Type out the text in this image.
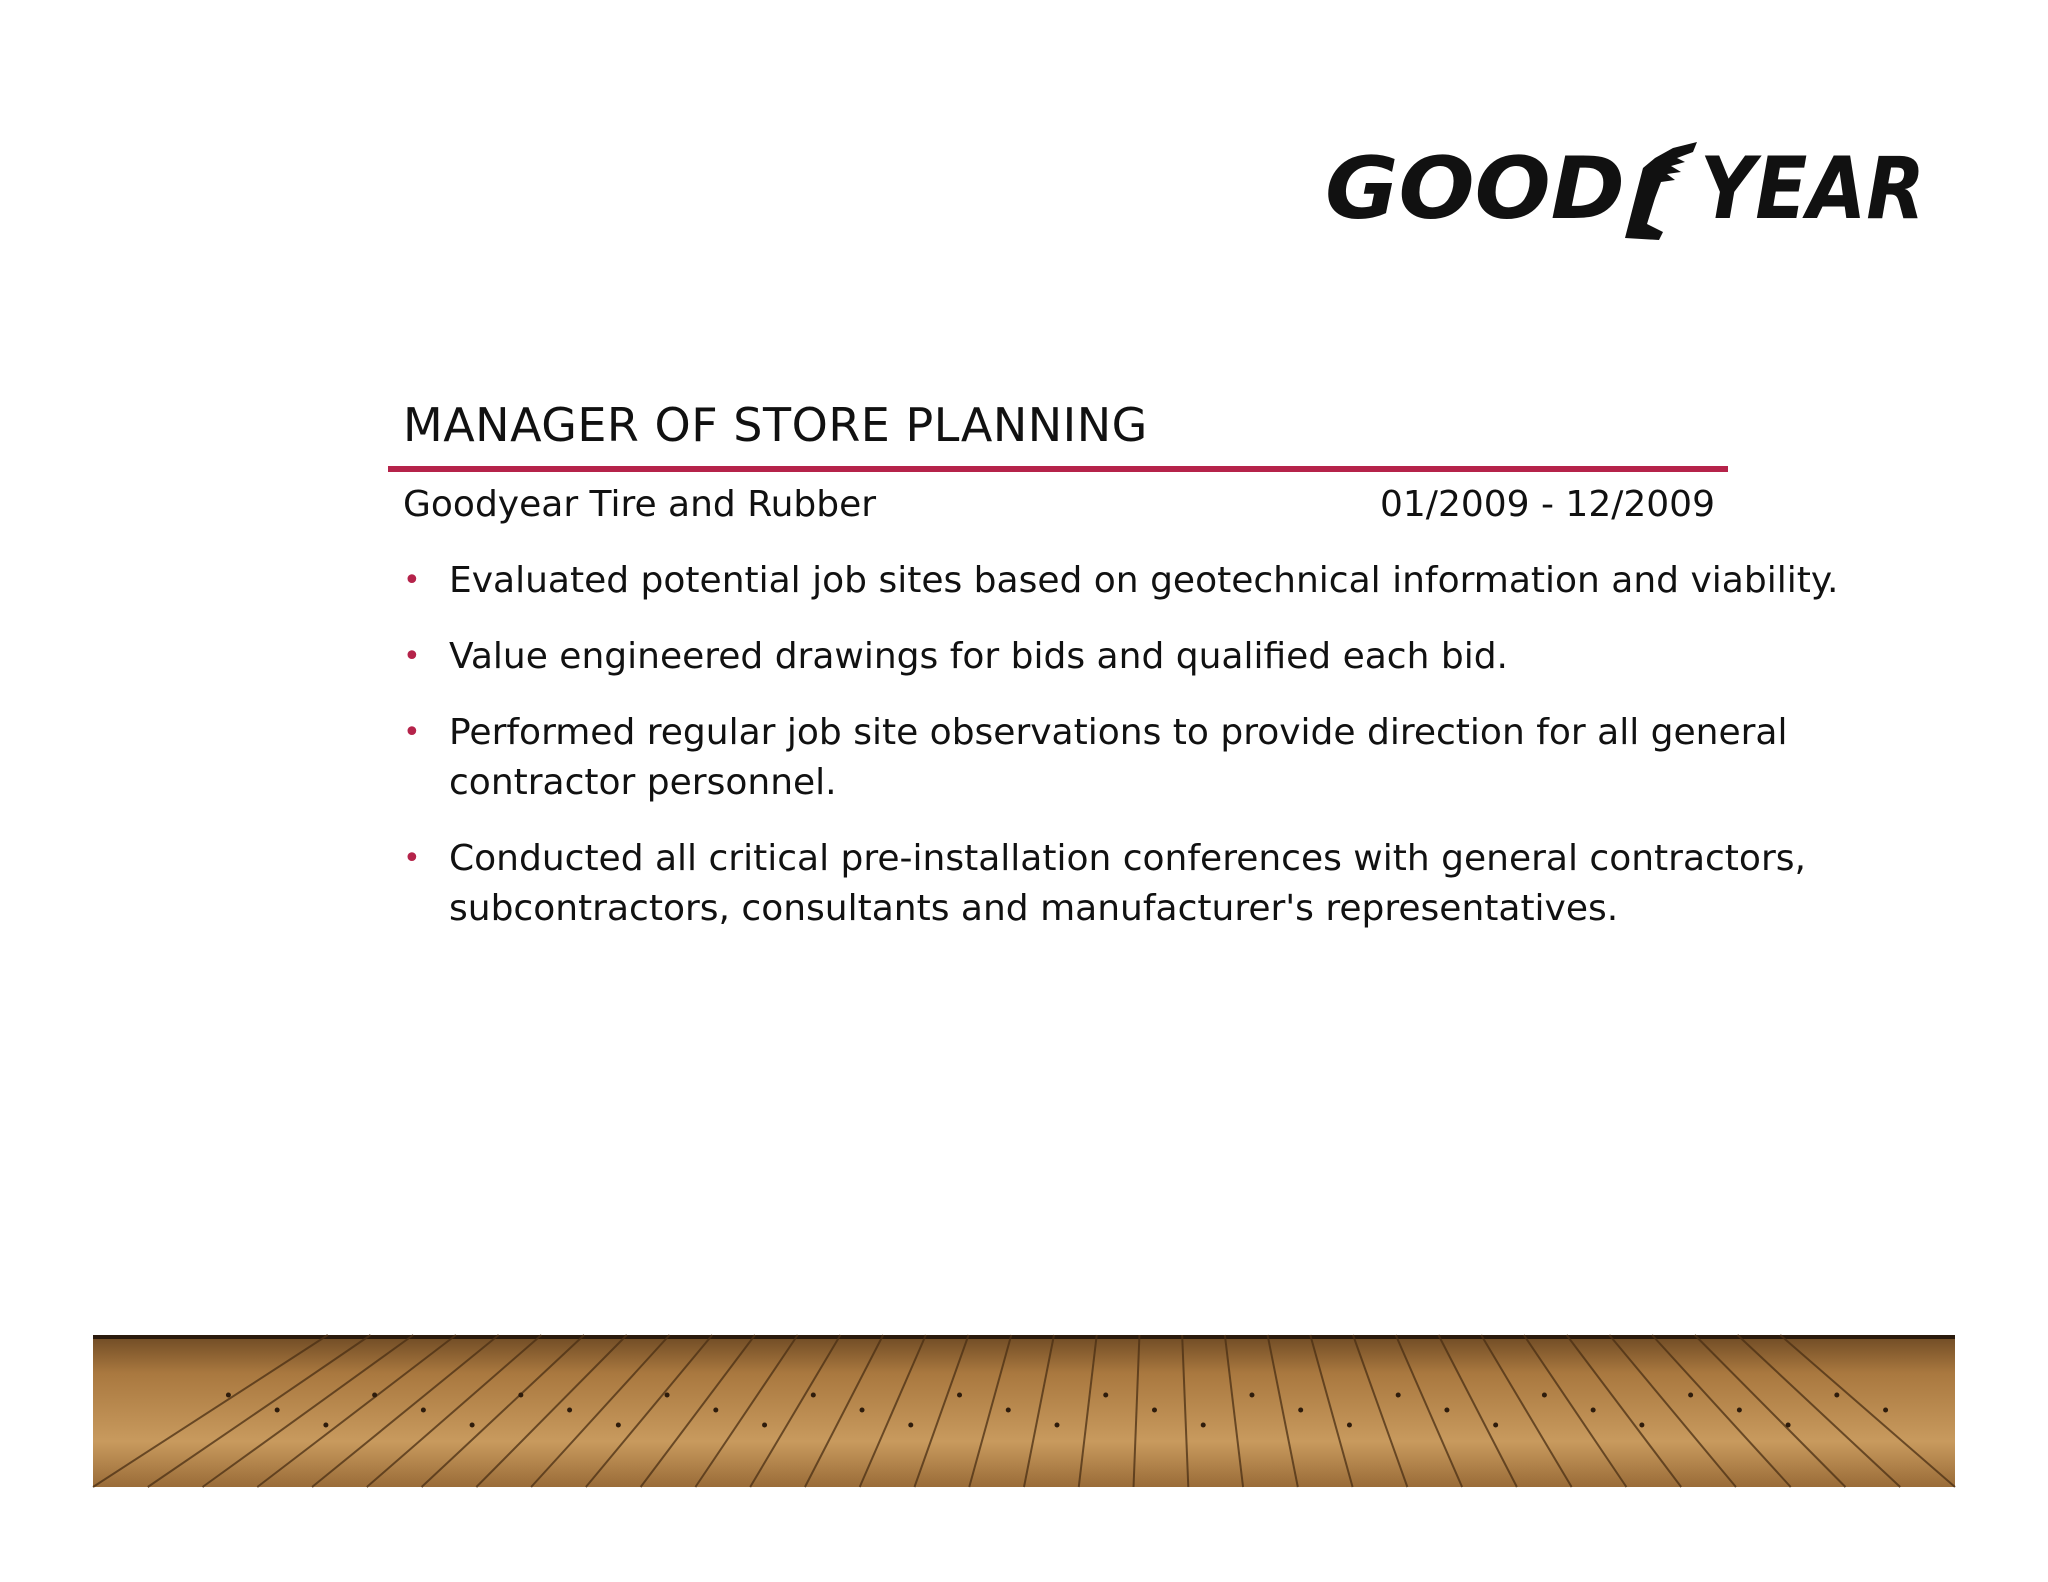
GOOD YEAR
MANAGER OF STORE PLANNING
Goodyear Tire and Rubber	01/2009 - 12/2009
• Evaluated potential job sites based on geotechnical information and viability.
• Value engineered drawings for bids and qualified each bid.
• Performed regular job site observations to provide direction for all general contractor personnel.
• Conducted all critical pre-installation conferences with general contractors, subcontractors, consultants and manufacturer's representatives.
